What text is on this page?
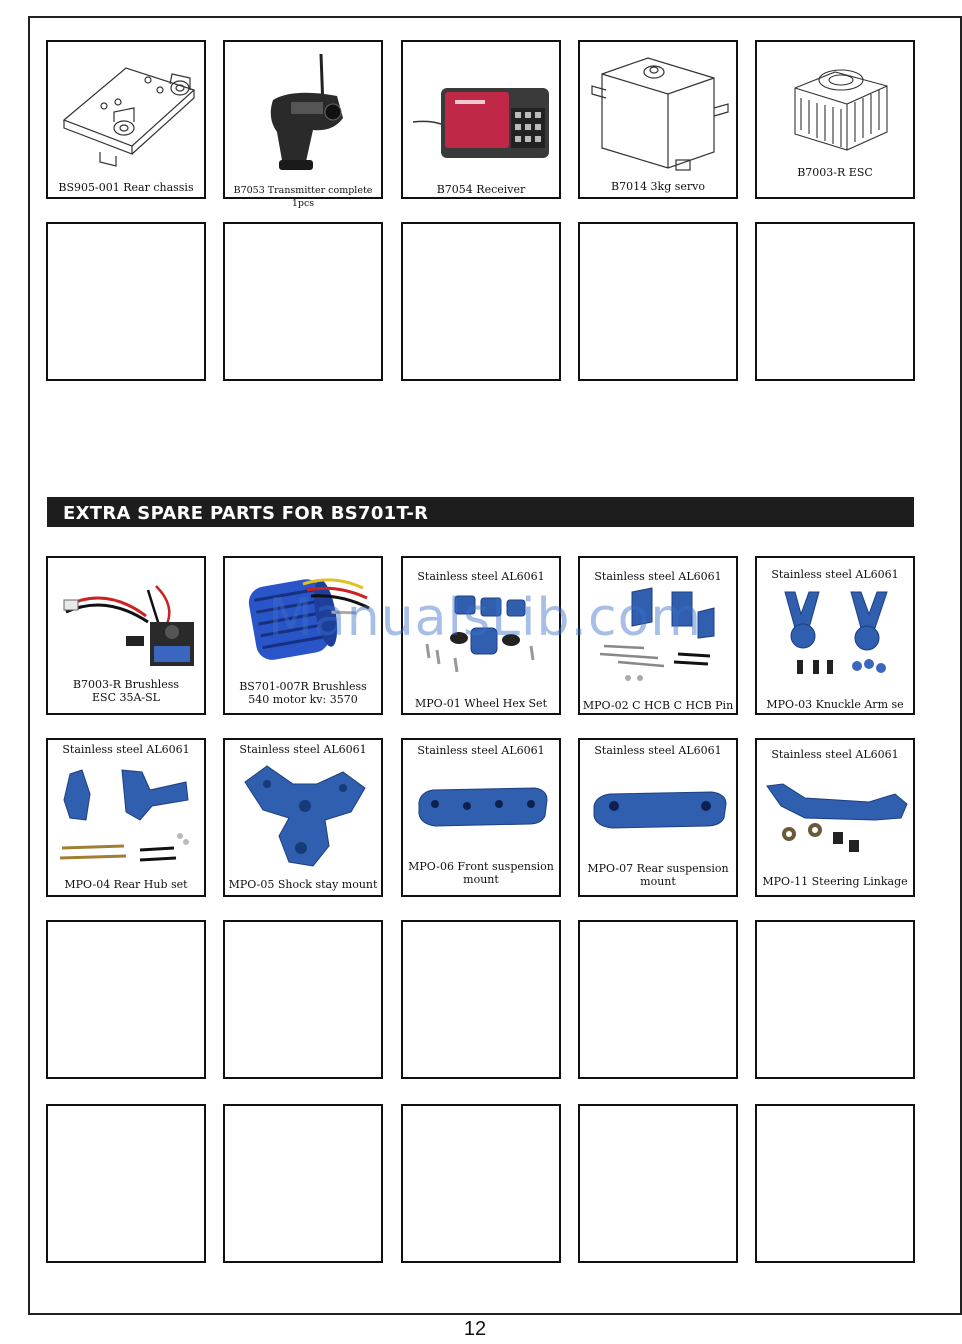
BS905-001 Rear chassis	B7053 Transmitter complete 1pcs
B7054 Receiver	B7014 3kg servo
B7003-R ESC
EXTRA SPARE PARTS FOR BS701T-R
B7003-R Brushless
ESC 35A-SL
BS701-007R Brushless
540 motor kv: 3570
Stainless steel AL6061
MPO-01 Wheel Hex Set
Stainless steel AL6061
MPO-02 C HCB C HCB Pin
Stainless steel AL6061
MPO-03 Knuckle Arm se
Stainless steel AL6061
MPO-04 Rear Hub set
Stainless steel AL6061
MPO-05 Shock stay mount
Stainless steel AL6061
MPO-06 Front suspension
mount
Stainless steel AL6061
MPO-07 Rear suspension
mount
Stainless steel AL6061
MPO-11 Steering Linkage
ManualsLib.com
12
